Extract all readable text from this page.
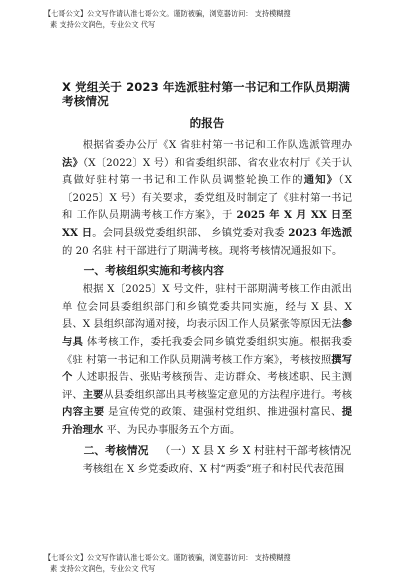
【七哥公文】公文写作请认准七哥公文。谨防被骗，浏览器访问： 支持模糊搜
素 支持公文润色，专业公文 代写

X 党组关于 2023 年选派驻村第一书记和工作队员期满考核情况

的报告

根据省委办公厅《X 省驻村第一书记和工作队选派管理办 法》（X〔2022〕X 号）和省委组织部、省农业农村厅《关于认 真做好驻村第一书记和工作队员调整轮换工作的通知》（X 〔2025〕X 号）有关要求，委党组及时制定了《驻村第一书记和 工作队员期满考核工作方案》，于 2025 年 X 月 XX 日至 XX 日。会同县级党委组织部、 乡镇党委对我委 2023 年选派的 20 名驻 村干部进行了期满考核。现将考核情况通报如下。

一、考核组织实施和考核内容

根据 X〔2025〕X 号文件，驻村干部期满考核工作由派出单 位会同县委组织部门和乡镇党委共同实施，经与 X 县、X 县、X 县组织部沟通对接，均表示因工作人员紧张等原因无法参与具 体考核工作，委托我委会同乡镇党委组织实施。根据我委《驻 村第一书记和工作队员期满考核工作方案》，考核按照撰写个 人述职报告、张贴考核预告、走访群众、考核述职、民主测评、主要从县委组织部出具考核鉴定意见的方法程序进行。考核内容主要 是宣传党的政策、建强村党组织、推进强村富民、提升治理水 平、为民办事服务五个方面。

二、考核情况 （一）X 县 X 乡 X 村驻村干部考核情况

考核组在 X 乡党委政府、X 村“两委”班子和村民代表范围

【七哥公文】公文写作请认准七哥公文。谨防被骗，浏览器访问： 支持模糊搜
素 支持公文润色，专业公文 代写
